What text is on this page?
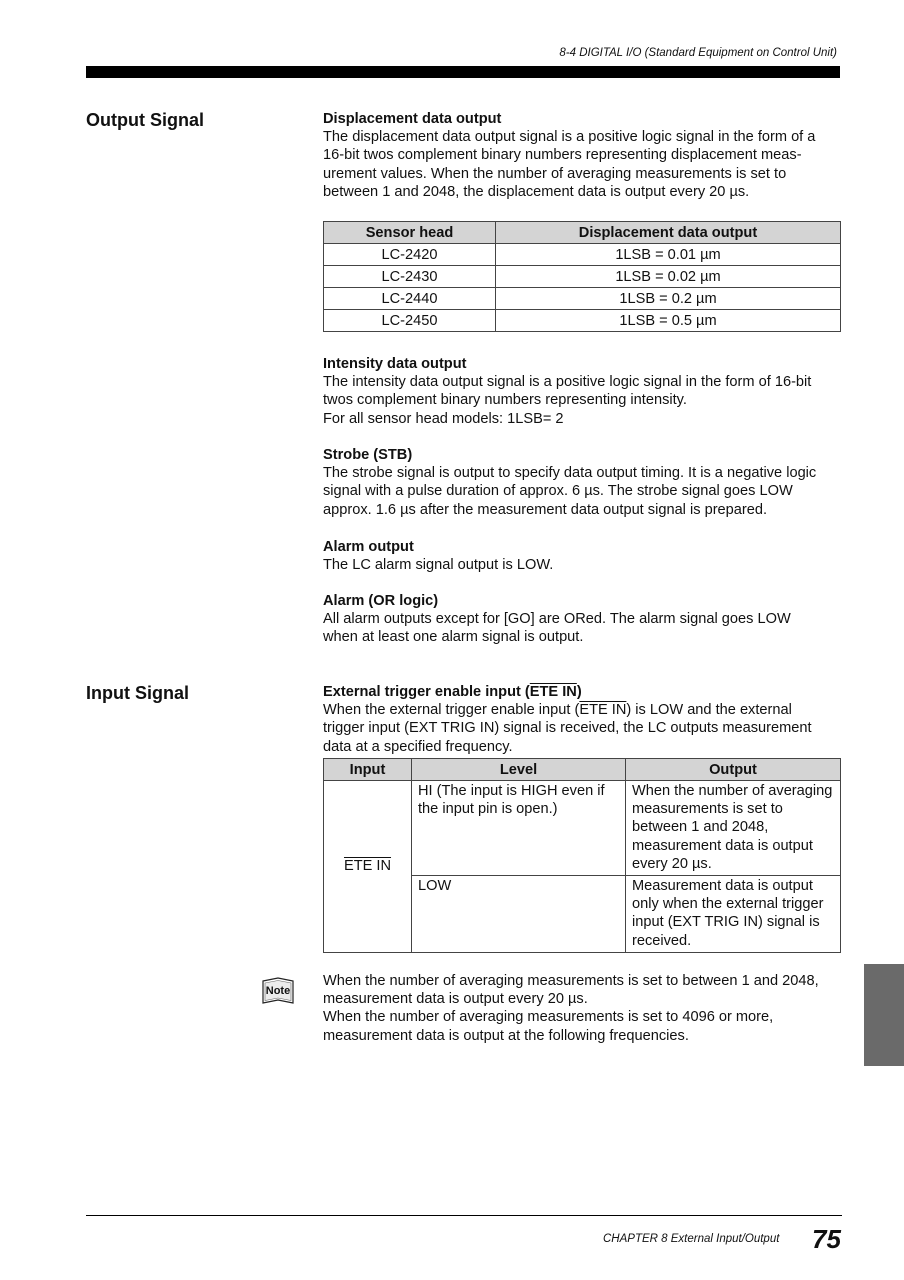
8-4 DIGITAL I/O (Standard Equipment on Control Unit)
Output Signal	Displacement data output
The displacement data output signal is a positive logic signal in the form of a
16-bit twos complement binary numbers representing displacement meas-
urement values. When the number of averaging measurements is set to
between 1 and 2048, the displacement data is output every 20 µs.
Sensor head	Displacement data output
LC-2420	1LSB = 0.01 µm
LC-2430	1LSB = 0.02 µm
LC-2440	1LSB = 0.2 µm
LC-2450	1LSB = 0.5 µm
Intensity data output
The intensity data output signal is a positive logic signal in the form of 16-bit
twos complement binary numbers representing intensity.
For all sensor head models: 1LSB= 2
Strobe (STB)
The strobe signal is output to specify data output timing. It is a negative logic
signal with a pulse duration of approx. 6 µs. The strobe signal goes LOW
approx. 1.6 µs after the measurement data output signal is prepared.
Alarm output
The LC alarm signal output is LOW.
Alarm (OR logic)
All alarm outputs except for [GO] are ORed. The alarm signal goes LOW
when at least one alarm signal is output.
Input Signal	External trigger enable input (ETE IN)
When the external trigger enable input (ETE IN) is LOW and the external
trigger input (EXT TRIG IN) signal is received, the LC outputs measurement
data at a specified frequency.
Input	Level	Output
ETE IN	HI (The input is HIGH even if the input pin is open.)	When the number of averaging measurements is set to between 1 and 2048, measurement data is output every 20 µs.
	LOW	Measurement data is output only when the external trigger input (EXT TRIG IN) signal is received.
Note
When the number of averaging measurements is set to between 1 and 2048,
measurement data is output every 20 µs.
When the number of averaging measurements is set to 4096 or more,
measurement data is output at the following frequencies.
CHAPTER 8 External Input/Output 75
